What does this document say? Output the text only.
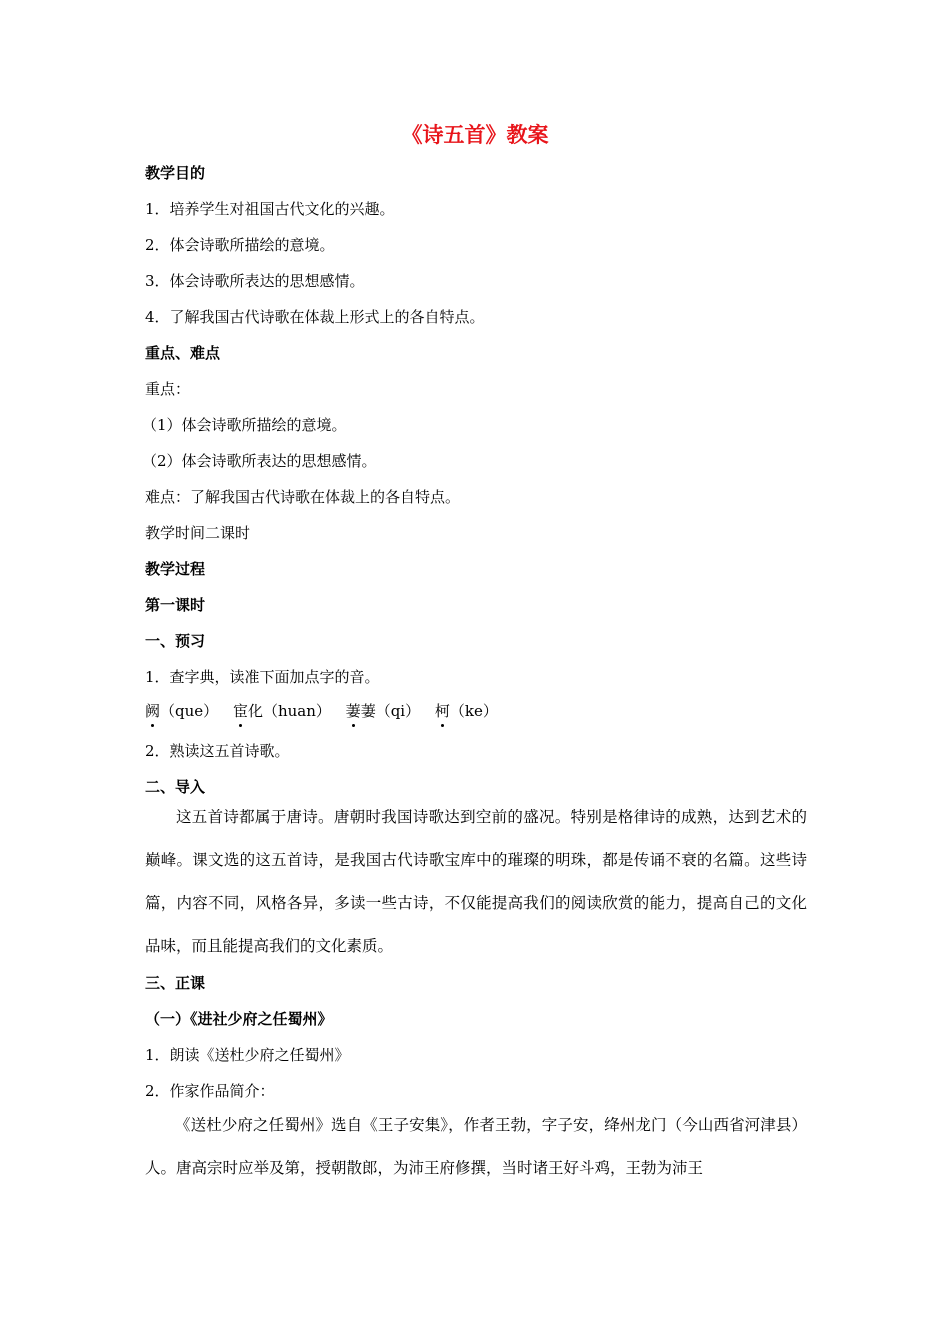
《诗五首》教案
教学目的
1．培养学生对祖国古代文化的兴趣。
2．体会诗歌所描绘的意境。
3．体会诗歌所表达的思想感情。
4．了解我国古代诗歌在体裁上形式上的各自特点。
重点、难点
重点：
（1）体会诗歌所描绘的意境。
（2）体会诗歌所表达的思想感情。
难点：了解我国古代诗歌在体裁上的各自特点。
教学时间二课时
教学过程
第一课时
一、预习
1．查字典，读准下面加点字的音。
阙（que） 宦化（huan） 萋萋（qi） 柯（ke）
2．熟读这五首诗歌。
二、导入
这五首诗都属于唐诗。唐朝时我国诗歌达到空前的盛况。特别是格律诗的成熟，达到艺术的巅峰。课文选的这五首诗，是我国古代诗歌宝库中的璀璨的明珠，都是传诵不衰的名篇。这些诗篇，内容不同，风格各异，多读一些古诗，不仅能提高我们的阅读欣赏的能力，提高自己的文化品味，而且能提高我们的文化素质。
三、正课
（一）《进社少府之任蜀州》
1．朗读《送杜少府之任蜀州》
2．作家作品简介：
《送杜少府之任蜀州》选自《王子安集》，作者王勃，字子安，绛州龙门（今山西省河津县）人。唐高宗时应举及第，授朝散郎，为沛王府修撰，当时诸王好斗鸡，王勃为沛王
